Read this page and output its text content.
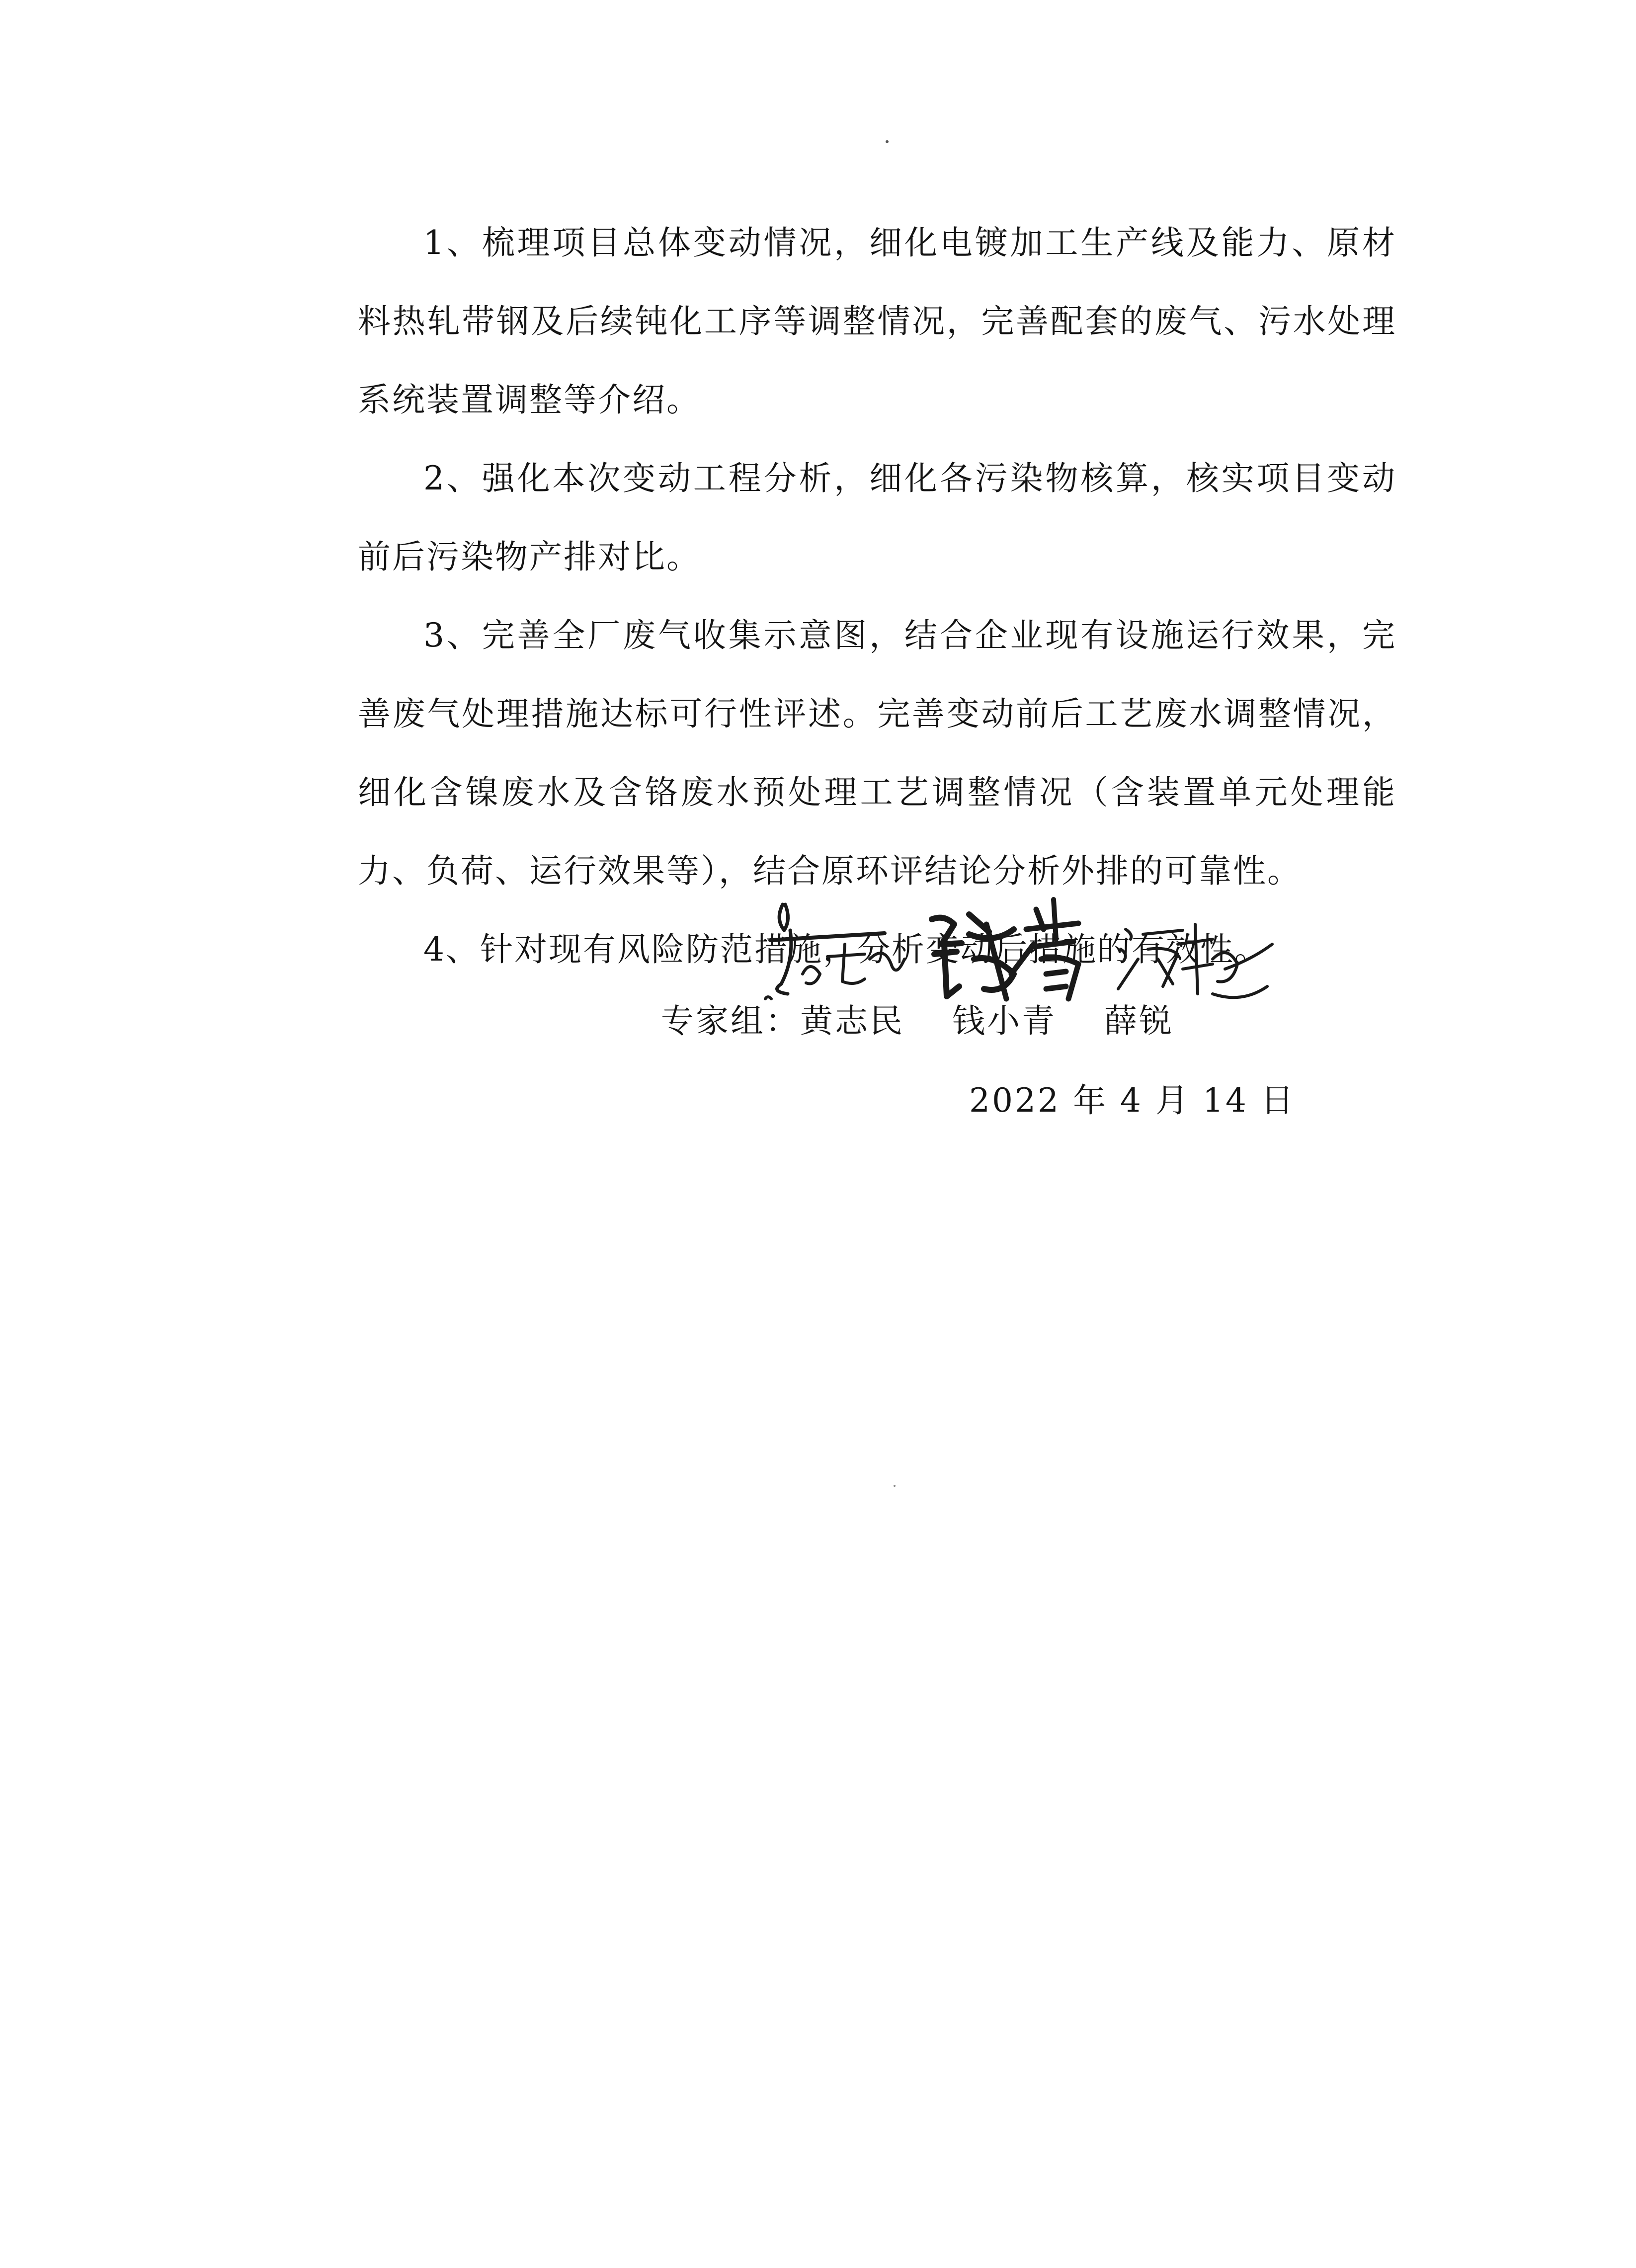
1、梳理项目总体变动情况，细化电镀加工生产线及能力、原材料热轧带钢及后续钝化工序等调整情况，完善配套的废气、污水处理系统装置调整等介绍。

2、强化本次变动工程分析，细化各污染物核算，核实项目变动前后污染物产排对比。

3、完善全厂废气收集示意图，结合企业现有设施运行效果，完善废气处理措施达标可行性评述。完善变动前后工艺废水调整情况，细化含镍废水及含铬废水预处理工艺调整情况（含装置单元处理能力、负荷、运行效果等），结合原环评结论分析外排的可靠性。

4、针对现有风险防范措施，分析变动后措施的有效性。

专家组：黄志民 钱小青 薛锐
2022 年 4 月 14 日
